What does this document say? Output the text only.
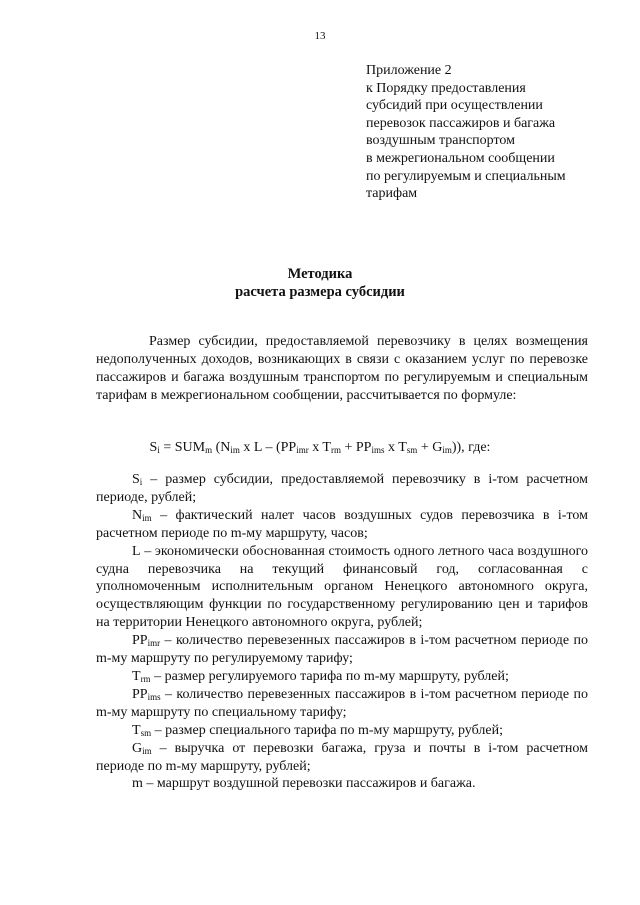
13
Приложение 2
к Порядку предоставления
субсидий при осуществлении
перевозок пассажиров и багажа
воздушным транспортом
в межрегиональном сообщении
по регулируемым и специальным
тарифам
Методика
расчета размера субсидии
Размер субсидии, предоставляемой перевозчику в целях возмещения недополученных доходов, возникающих в связи с оказанием услуг по перевозке пассажиров и багажа воздушным транспортом по регулируемым и специальным тарифам в межрегиональном сообщении, рассчитывается по формуле:
$S_i = SUM_m$ ($N_{im}$ x L – ($PP_{imr}$ x $T_{rm} + PP_{ims}$ x $T_{sm} + G_{im}$)), где:

$S_i$ – размер субсидии, предоставляемой перевозчику в i-том расчетном периоде, рублей;

$N_{im}$ – фактический налет часов воздушных судов перевозчика в i-том расчетном периоде по m-му маршруту, часов;

L – экономически обоснованная стоимость одного летного часа воздушного судна перевозчика на текущий финансовый год, согласованная с уполномоченным исполнительным органом Ненецкого автономного округа, осуществляющим функции по государственному регулированию цен и тарифов на территории Ненецкого автономного округа, рублей;

$PP_{imr}$ – количество перевезенных пассажиров в i-том расчетном периоде по m-му маршруту по регулируемому тарифу;

$T_{rm}$ – размер регулируемого тарифа по m-му маршруту, рублей;

$PP_{ims}$ – количество перевезенных пассажиров в i-том расчетном периоде по m-му маршруту по специальному тарифу;

$T_{sm}$ – размер специального тарифа по m-му маршруту, рублей;

$G_{im}$ – выручка от перевозки багажа, груза и почты в i-том расчетном периоде по m-му маршруту, рублей;

m – маршрут воздушной перевозки пассажиров и багажа.
